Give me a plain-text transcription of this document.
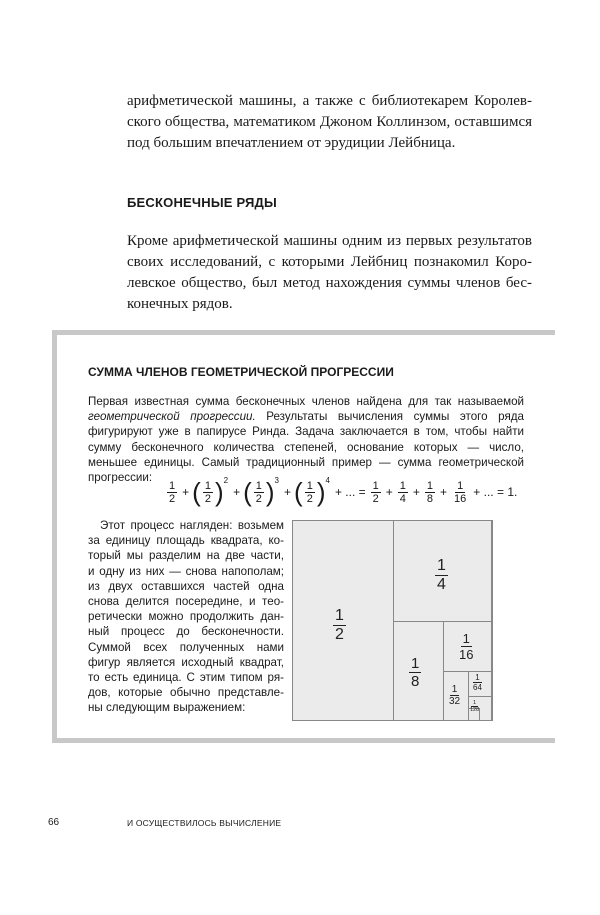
арифметической машины, а также с библиотекарем Королев-
ского общества, математиком Джоном Коллинзом, оставшимся
под большим впечатлением от эрудиции Лейбница.

БЕСКОНЕЧНЫЕ РЯДЫ

Кроме арифметической машины одним из первых результатов
своих исследований, с которыми Лейбниц познакомил Коро-
левское общество, был метод нахождения суммы членов бес-
конечных рядов.

СУММА ЧЛЕНОВ ГЕОМЕТРИЧЕСКОЙ ПРОГРЕССИИ

Первая известная сумма бесконечных членов найдена для так называемой
геометрической прогрессии. Результаты вычисления суммы этого ряда
фигурируют уже в папирусе Ринда. Задача заключается в том, чтобы найти
сумму бесконечного количества степеней, основание которых — число,
меньшее единицы. Самый традиционный пример — сумма геометрической
прогрессии:

$\frac{1}{2}$ + ( $\frac{1}{2}$ ) 2
+ ( $\frac{1}{2}$ ) 3
+ ( $\frac{1}{2}$ ) 4
+ ... = $\frac{1}{2} + \frac{1}{4} + \frac{1}{8} + \frac{1}{16}$ + ... = 1.

Этот процесс нагляден: возьмем
за единицу площадь квадрата, ко-
торый мы разделим на две части,
и одну из них — снова напополам;
из двух оставшихся частей одна
снова делится посередине, и тео-
ретически можно продолжить дан-
ный процесс до бесконечности.
Суммой всех полученных нами
фигур является исходный квадрат,
то есть единица. С этим типом ря-
дов, которые обычно представле-
ны следующим выражением:

$\frac{1}{2}$
$\frac{1}{4}$
$\frac{1}{8}$
$\frac{1}{16}$
$\frac{1}{32}$
$\frac{1}{64}$
$\frac{1}{128}$

66	И ОСУЩЕСТВИЛОСЬ ВЫЧИСЛЕНИЕ
